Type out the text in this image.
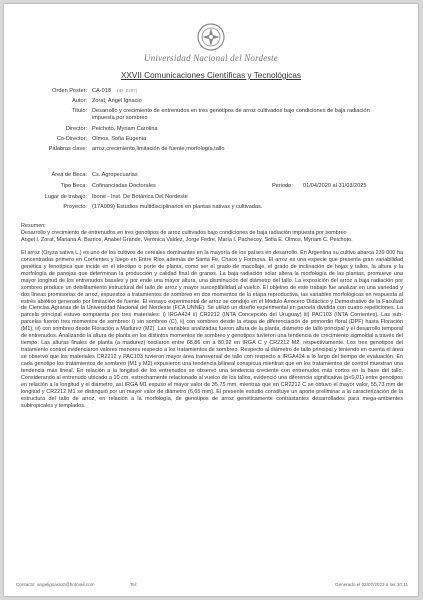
Universidad Nacional del Nordeste
XXVII Comunicaciones Científicas y Tecnológicas
Orden Poster: CA-018 (ID: 2297)
Autor: Zorat, Angel Ignacio
Título: Desarrollo y crecimiento de entrenudos en tres genotipos de arroz cultivados bajo condiciones de baja radiación impuesta por sombreo
Director: Peichoto, Myriam Carolina
Co-Director: Olmos, Sofia Eugenia
Palabras clave: arroz,crecimiento,limitación de fuente,morfología,tallo
Área de Beca: Cs. Agropecuarias
Tipo Beca: Cofinanciadas Doctorales	Periodo: 01/04/2020 al 31/03/2025
Lugar de trabajo: Ibone - Inst. De Botánica Del Nordeste
Proyecto: (17A009) Estudios multidisciplinarios en plantas nativas y cultivadas.

Resumen:

Desarrollo y crecimiento de entrenudos en tres genotipos de arroz cultivados bajo condiciones de baja radiación impuesta por sombreo

Angel I. Zorat, Mariana A. Barrios, Anabel Grande, Verónica Valdez, Jorge Fedre, María I. Pachecoy, Sofia E. Olmos, Myriam C. Peichoto.

El arroz (Oryza sativa L.) es uno de los cultivos de cereales dominantes en la mayoría de los países en desarrollo. En Argentina su cultivo abarca 239 000 ha concentradas primero en Corrientes y luego en Entre Ríos además de Santa Fe, Chaco y Formosa. El arroz es una especie que presenta gran variabilidad genética y fenotípica que incide en el ideotipo o porte de planta, como ser el grado de macollaje, el grado de inclinación de hojas y tallos, la altura y la morfología de panojas que determinan la producción y calidad final de granos. La baja radiación solar altera la morfología de las plantas, promueve una mayor longitud de los entrenudos basales y por ende una mayor altura, una disminución del diámetro del tallo. La exposición del arroz a baja radiación por sombreo produce un debilitamiento estructural del tallo de arroz y mayor susceptibilidad al vuelco. El objetivo de este trabajo fue analizar en una variedad y dos líneas promisorias de arroz, expuestos a tratamientos de sombreo en dos momentos de la etapa reproductiva, las variables morfológicas en respuesta al estrés abiótico generado por limitación de fuente. El ensayo experimental de arroz se condujo en el Módulo Arrocero Didáctico y Demostrativo de la Facultad de Ciencias Agrarias de la Universidad Nacional del Nordeste (FCA UNNE). Se utilizó un diseño experimental en parcela dividida con cuatro repeticiones. La parcela principal estuvo compuesta por tres materiales: i) IRGA424 ii) CR2212 (INTA Concepción del Uruguay) iii) PAC103 (INTA Corrientes). Las sub-parcelas fueron tres momentos de sombreo: i) sin sombreo (C), ii) con sombreo desde la etapa de diferenciación de primordio floral (DPF) hasta Floración (M1), iii) con sombreo desde Floración a Madurez (M2). Las variables analizadas fueron altura de la planta, diámetro de tallo principal y el desarrollo temporal de entrenudos. Analizando la altura de planta en los distintos momentos de sombreo y genotipos tuvieron una tendencia de crecimiento sigmoidal a través del tiempo. Las alturas finales de planta (a madurez) oscilaron entre 68,86 cm a 80,92 en IRGA C y CR2212 M2, respectivamente. Los tres genotipos del tratamiento control evidenciaron valores menores respecto a los tratamientos de sombreo. Respecto al diámetro de tallo principal y teniendo en cuenta el área se observó que los materiales CR2212 y PAC103 tuvieron mayor área transversal de tallo con respecto a IRGA424 a lo largo del tiempo de evaluación. En cada genotipo los tratamientos de sombreo (M1 y M2) expusieron una tendencia bilineal conspicua mientras que en los tratamientos de control muestran una tendencia más lineal. En relación a la longitud de los entrenudos se observó una tendencia creciente con entrenudos más cortos en la base del tallo. Considerando al entrenudo ubicado a 10 cm, estrechamente relacionado al vuelco de los tallos, evidenció una diferencia significativa (p˂0,01) entre genotipos en relación a la longitud y el diámetro, así IRGA M1 expuso el mayor valor de 35,75 mm, mientras que en CR2212 C se obtuvo el mayor valor, 55,73 mm de longitud y CR2212 M1 se distinguió por un mayor valor de diámetro (6,65 mm). El presente estudio constituye un aporte preliminar a la caracterización de la estructura del tallo de arroz, en relación a la morfología, de genotipos de arroz genéticamente contrastantes desarrollados para mega-ambientes subtropicales y templados.

Contacto: angelignacioz@hotmail.com	Tel:	Generado el 03/07/2023 a las 10:11
